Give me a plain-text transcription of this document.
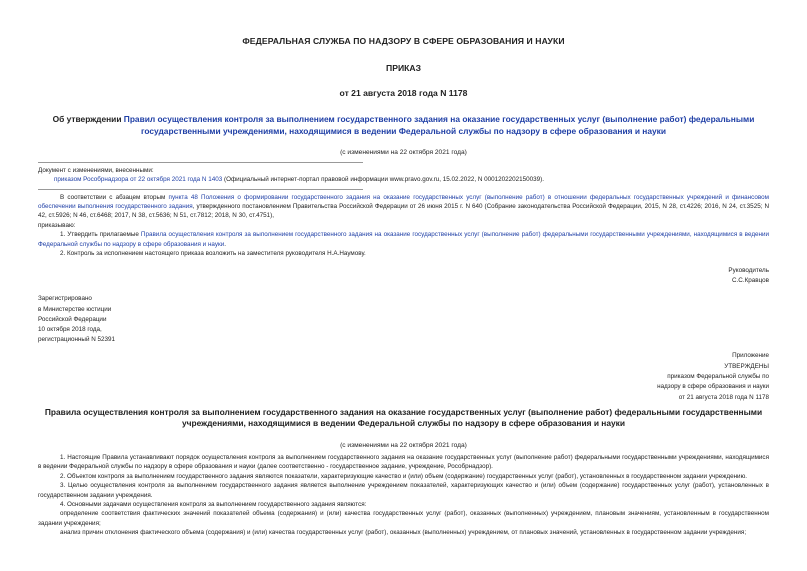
ФЕДЕРАЛЬНАЯ СЛУЖБА ПО НАДЗОРУ В СФЕРЕ ОБРАЗОВАНИЯ И НАУКИ
ПРИКАЗ
от 21 августа 2018 года N 1178
Об утверждении Правил осуществления контроля за выполнением государственного задания на оказание государственных услуг (выполнение работ) федеральными государственными учреждениями, находящимися в ведении Федеральной службы по надзору в сфере образования и науки
(с изменениями на 22 октября 2021 года)
Документ с изменениями, внесенными:
приказом Рособрнадзора от 22 октября 2021 года N 1403 (Официальный интернет-портал правовой информации www.pravo.gov.ru, 15.02.2022, N 0001202202150039).
В соответствии с абзацем вторым пункта 48 Положения о формировании государственного задания на оказание государственных услуг (выполнение работ) в отношении федеральных государственных учреждений и финансовом обеспечении выполнения государственного задания, утвержденного постановлением Правительства Российской Федерации от 26 июня 2015 г. N 640 (Собрание законодательства Российской Федерации, 2015, N 28, ст.4226; 2016, N 24, ст.3525; N 42, ст.5926; N 46, ст.6468; 2017, N 38, ст.5636; N 51, ст.7812; 2018, N 30, ст.4751),
приказываю:
1. Утвердить прилагаемые Правила осуществления контроля за выполнением государственного задания на оказание государственных услуг (выполнение работ) федеральными государственными учреждениями, находящимися в ведении Федеральной службы по надзору в сфере образования и науки.
2. Контроль за исполнением настоящего приказа возложить на заместителя руководителя Н.А.Наумову.
Руководитель
С.С.Кравцов
Зарегистрировано
в Министерстве юстиции
Российской Федерации
10 октября 2018 года,
регистрационный N 52391
Приложение
УТВЕРЖДЕНЫ
приказом Федеральной службы по
надзору в сфере образования и науки
от 21 августа 2018 года N 1178
Правила осуществления контроля за выполнением государственного задания на оказание государственных услуг (выполнение работ) федеральными государственными учреждениями, находящимися в ведении Федеральной службы по надзору в сфере образования и науки
(с изменениями на 22 октября 2021 года)
1. Настоящие Правила устанавливают порядок осуществления контроля за выполнением государственного задания на оказание государственных услуг (выполнение работ) федеральными государственными учреждениями, находящимися в ведении Федеральной службы по надзору в сфере образования и науки (далее соответственно - государственное задание, учреждение, Рособрнадзор).
2. Объектом контроля за выполнением государственного задания являются показатели, характеризующие качество и (или) объем (содержание) государственных услуг (работ), установленных в государственном задании учреждению.
3. Целью осуществления контроля за выполнением государственного задания является выполнение учреждением показателей, характеризующих качество и (или) объем (содержание) государственных услуг (работ), установленных в государственном задании учреждения.
4. Основными задачами осуществления контроля за выполнением государственного задания являются:
определение соответствия фактических значений показателей объема (содержания) и (или) качества государственных услуг (работ), оказанных (выполненных) учреждением, плановым значениям, установленным в государственном задании учреждения;
анализ причин отклонения фактического объема (содержания) и (или) качества государственных услуг (работ), оказанных (выполненных) учреждением, от плановых значений, установленных в государственном задании учреждения;
